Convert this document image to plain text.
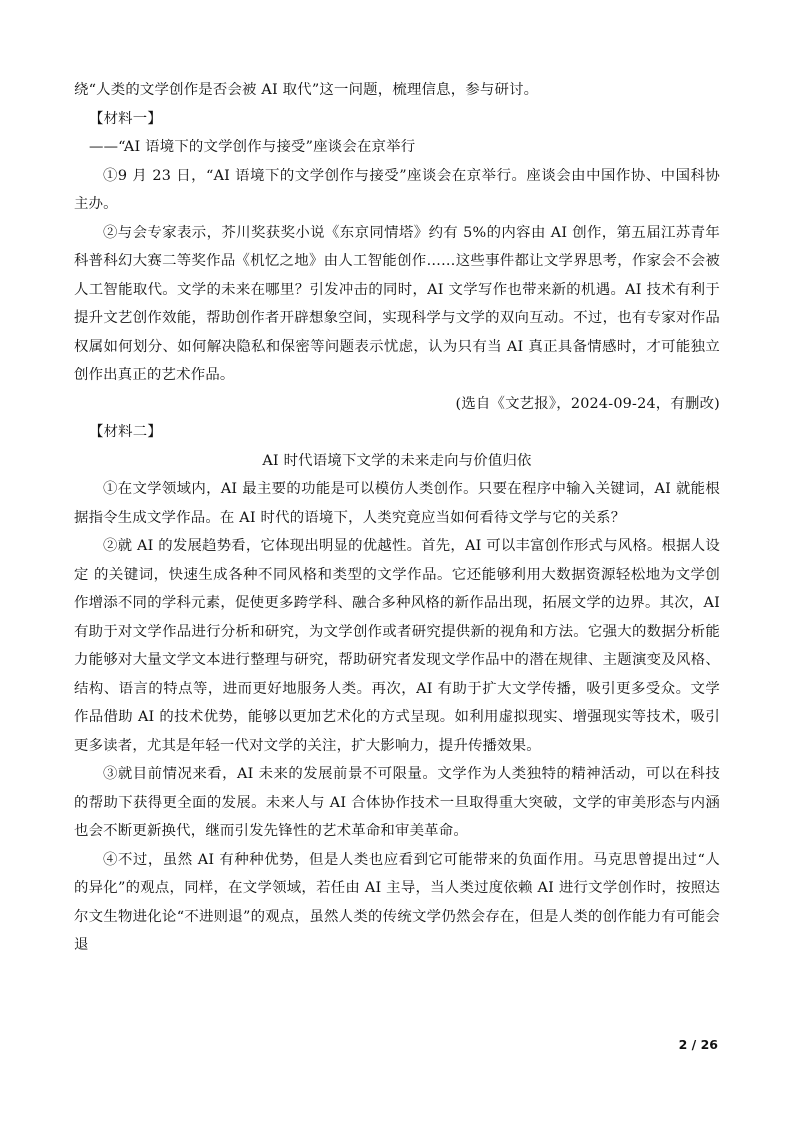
绕“人类的文学创作是否会被 AI 取代”这一问题，梳理信息，参与研讨。

【材料一】

——“AI 语境下的文学创作与接受”座谈会在京举行

①9 月 23 日，“AI 语境下的文学创作与接受”座谈会在京举行。座谈会由中国作协、中国科协主办。

②与会专家表示，芥川奖获奖小说《东京同情塔》约有 5%的内容由 AI 创作，第五届江苏青年科普科幻大赛二等奖作品《机忆之地》由人工智能创作……这些事件都让文学界思考，作家会不会被人工智能取代。文学的未来在哪里？引发冲击的同时，AI 文学写作也带来新的机遇。AI 技术有利于提升文艺创作效能，帮助创作者开辟想象空间，实现科学与文学的双向互动。不过，也有专家对作品权属如何划分、如何解决隐私和保密等问题表示忧虑，认为只有当 AI 真正具备情感时，才可能独立创作出真正的艺术作品。

(选自《文艺报》，2024-09-24，有删改)

【材料二】

AI 时代语境下文学的未来走向与价值归依

①在文学领域内，AI 最主要的功能是可以模仿人类创作。只要在程序中输入关键词，AI 就能根据指令生成文学作品。在 AI 时代的语境下，人类究竟应当如何看待文学与它的关系？

②就 AI 的发展趋势看，它体现出明显的优越性。首先，AI 可以丰富创作形式与风格。根据人设定 的关键词，快速生成各种不同风格和类型的文学作品。它还能够利用大数据资源轻松地为文学创作增添不同的学科元素，促使更多跨学科、融合多种风格的新作品出现，拓展文学的边界。其次，AI 有助于对文学作品进行分析和研究，为文学创作或者研究提供新的视角和方法。它强大的数据分析能力能够对大量文学文本进行整理与研究，帮助研究者发现文学作品中的潜在规律、主题演变及风格、结构、语言的特点等，进而更好地服务人类。再次，AI 有助于扩大文学传播，吸引更多受众。文学作品借助 AI 的技术优势，能够以更加艺术化的方式呈现。如利用虚拟现实、增强现实等技术，吸引更多读者，尤其是年轻一代对文学的关注，扩大影响力，提升传播效果。

③就目前情况来看，AI 未来的发展前景不可限量。文学作为人类独特的精神活动，可以在科技的帮助下获得更全面的发展。未来人与 AI 合体协作技术一旦取得重大突破，文学的审美形态与内涵也会不断更新换代，继而引发先锋性的艺术革命和审美革命。

④不过，虽然 AI 有种种优势，但是人类也应看到它可能带来的负面作用。马克思曾提出过“人的异化”的观点，同样，在文学领域，若任由 AI 主导，当人类过度依赖 AI 进行文学创作时，按照达尔文生物进化论“不进则退”的观点，虽然人类的传统文学仍然会存在，但是人类的创作能力有可能会退

2 / 26
